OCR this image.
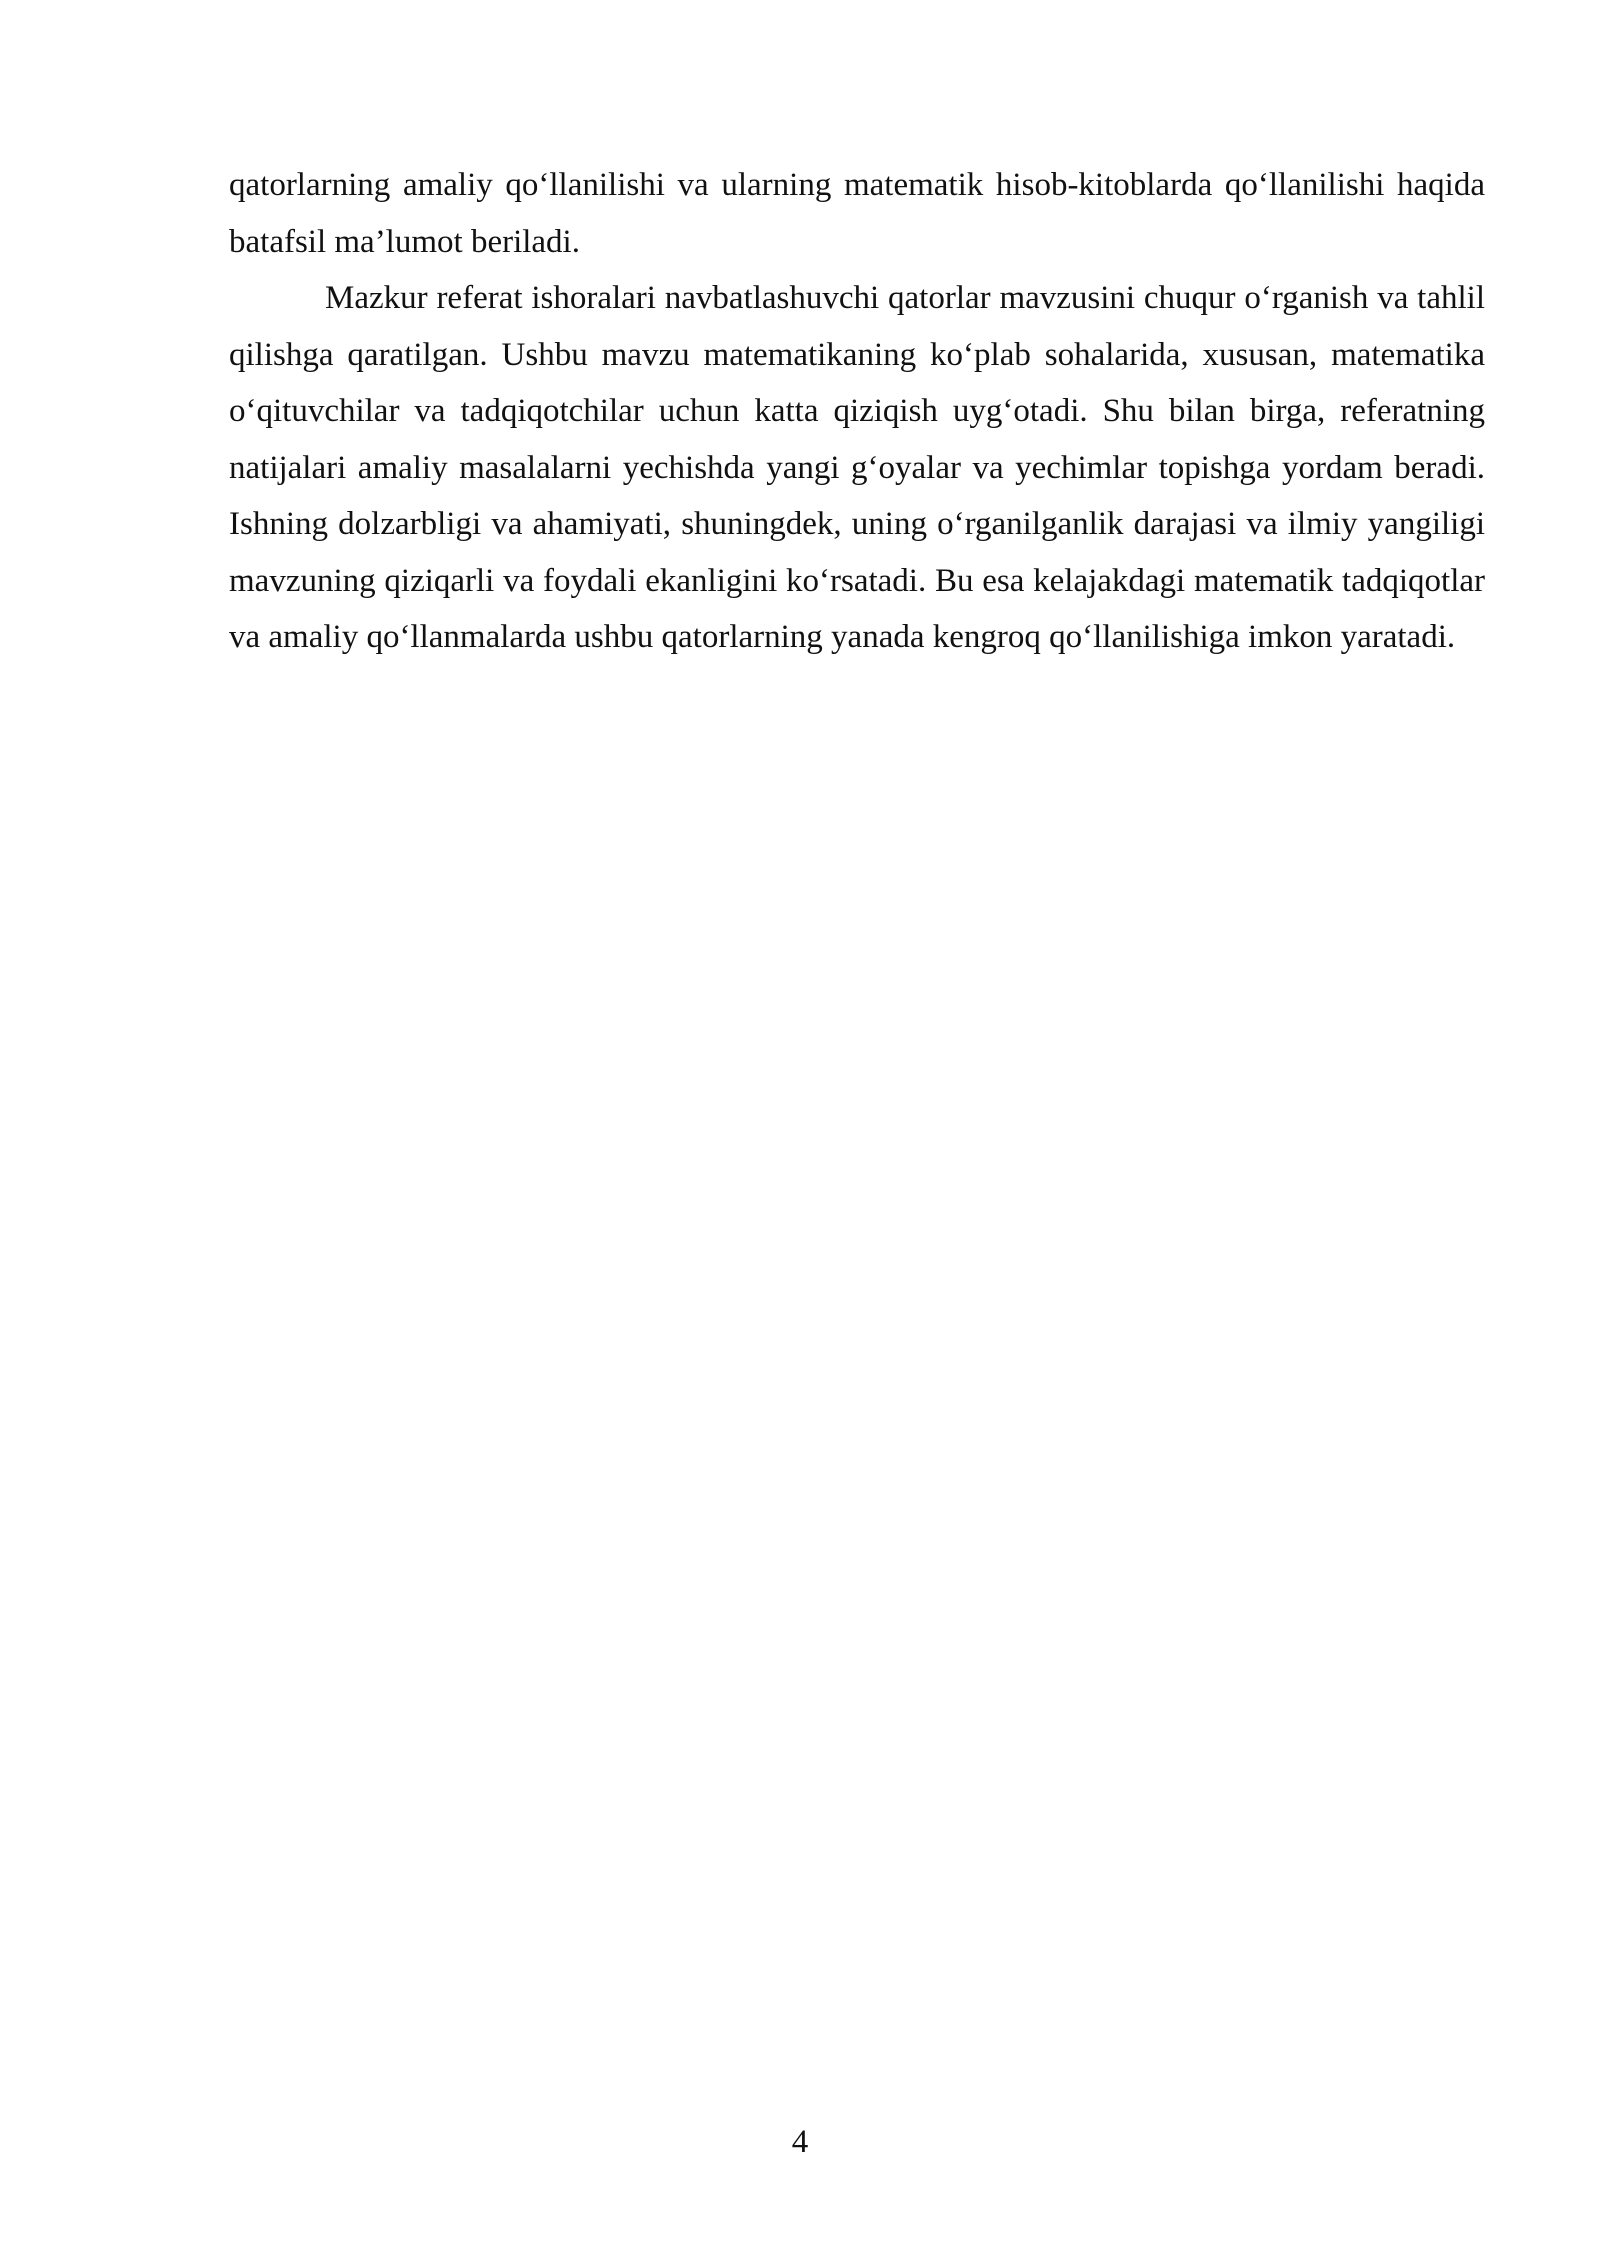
qatorlarning amaliy qo‘llanilishi va ularning matematik hisob-kitoblarda qo‘llanilishi haqida batafsil ma’lumot beriladi.

Mazkur referat ishoralari navbatlashuvchi qatorlar mavzusini chuqur o‘rganish va tahlil qilishga qaratilgan. Ushbu mavzu matematikaning ko‘plab sohalarida, xususan, matematika o‘qituvchilar va tadqiqotchilar uchun katta qiziqish uyg‘otadi. Shu bilan birga, referatning natijalari amaliy masalalarni yechishda yangi g‘oyalar va yechimlar topishga yordam beradi. Ishning dolzarbligi va ahamiyati, shuningdek, uning o‘rganilganlik darajasi va ilmiy yangiligi mavzuning qiziqarli va foydali ekanligini ko‘rsatadi. Bu esa kelajakdagi matematik tadqiqotlar va amaliy qo‘llanmalarda ushbu qatorlarning yanada kengroq qo‘llanilishiga imkon yaratadi.

4
